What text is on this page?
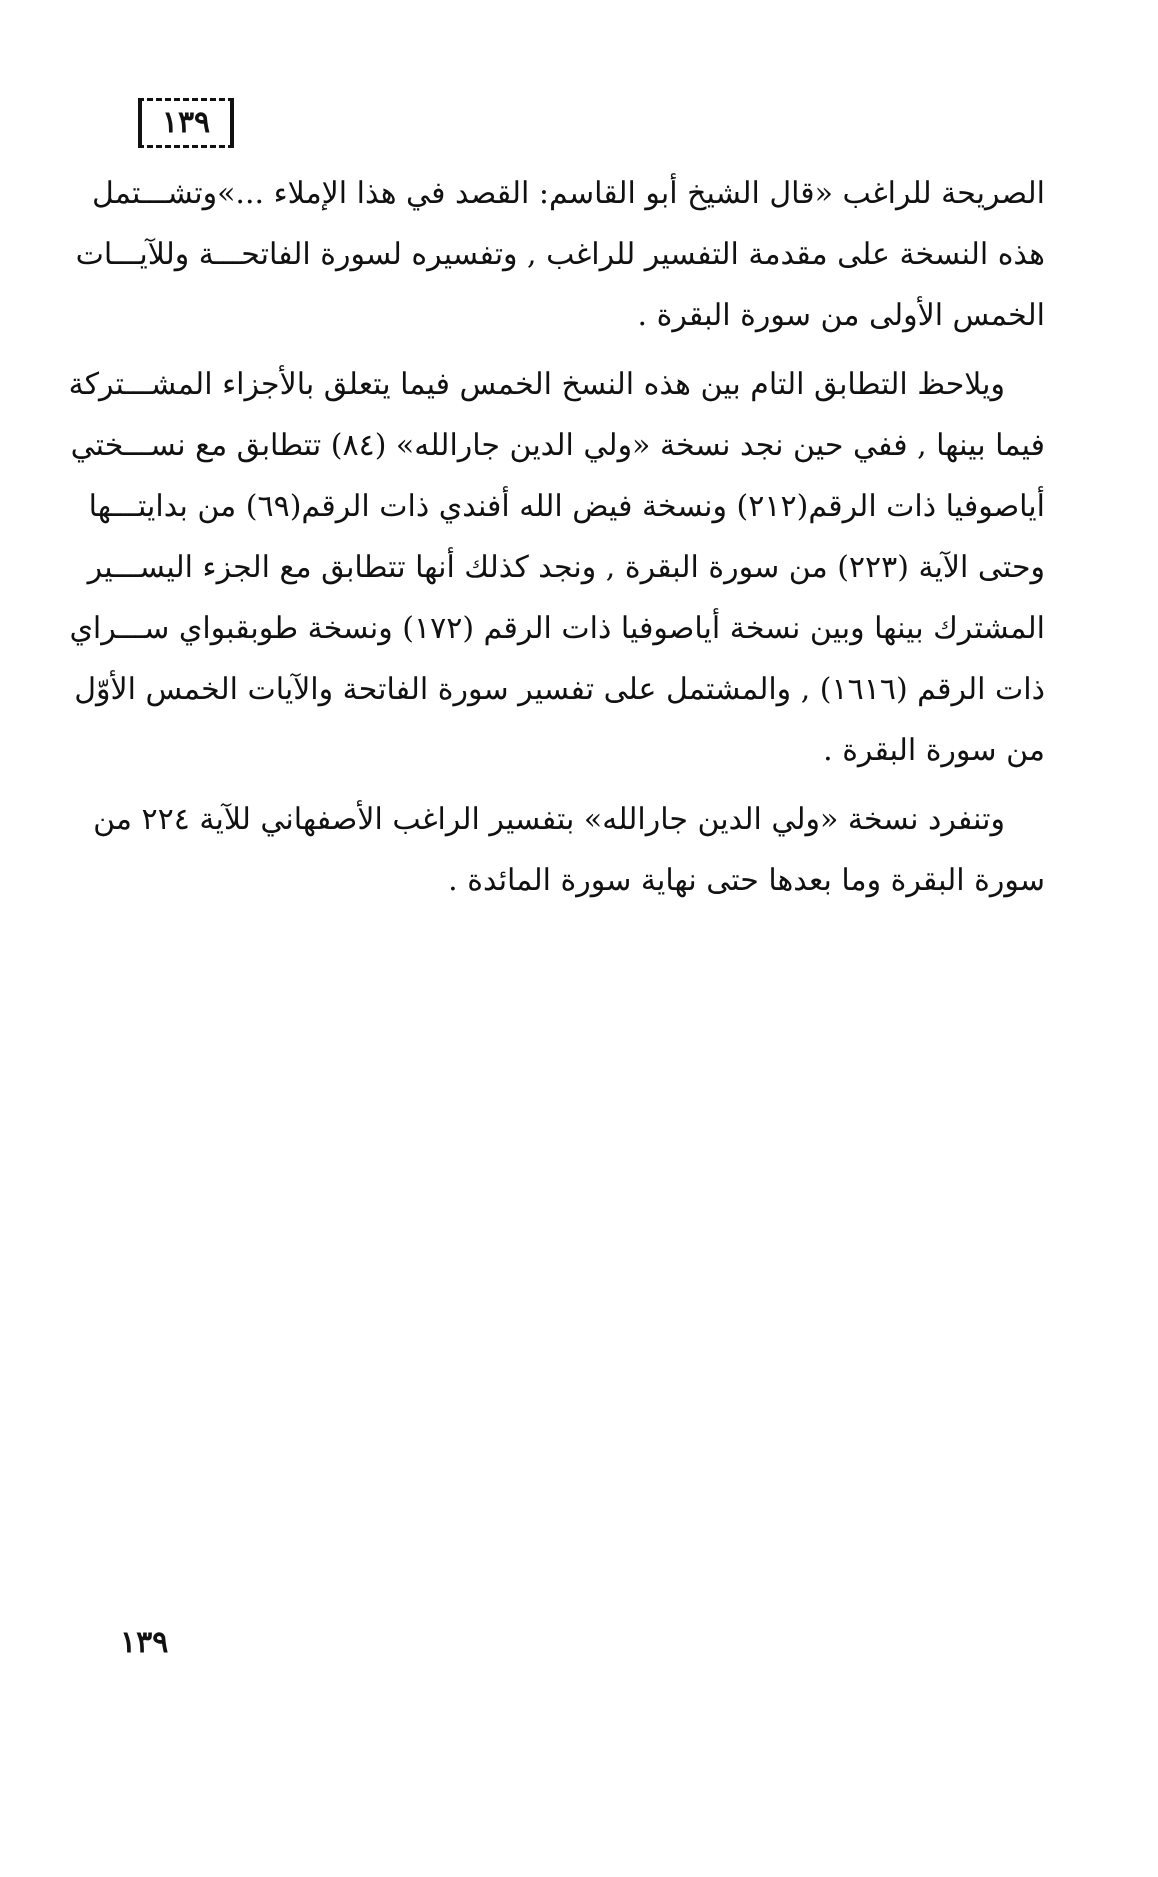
١٣٩

الصريحة للراغب «قال الشيخ أبو القاسم: القصد في هذا الإملاء ...»وتشـــتمل
هذه النسخة على مقدمة التفسير للراغب , وتفسيره لسورة الفاتحـــة وللآيـــات
الخمس الأولى من سورة البقرة .

ويلاحظ التطابق التام بين هذه النسخ الخمس فيما يتعلق بالأجزاء المشـــتركة
فيما بينها , ففي حين نجد نسخة «ولي الدين جارالله» (٨٤) تتطابق مع نســـختي
أياصوفيا ذات الرقم(٢١٢) ونسخة فيض الله أفندي ذات الرقم(٦٩) من بدايتـــها
وحتى الآية (٢٢٣) من سورة البقرة , ونجد كذلك أنها تتطابق مع الجزء اليســـير
المشترك بينها وبين نسخة أياصوفيا ذات الرقم (١٧٢) ونسخة طوبقبواي ســـراي
ذات الرقم (١٦١٦) , والمشتمل على تفسير سورة الفاتحة والآيات الخمس الأوّل
من سورة البقرة .

وتنفرد نسخة «ولي الدين جارالله» بتفسير الراغب الأصفهاني للآية ٢٢٤ من
سورة البقرة وما بعدها حتى نهاية سورة المائدة .

١٣٩
